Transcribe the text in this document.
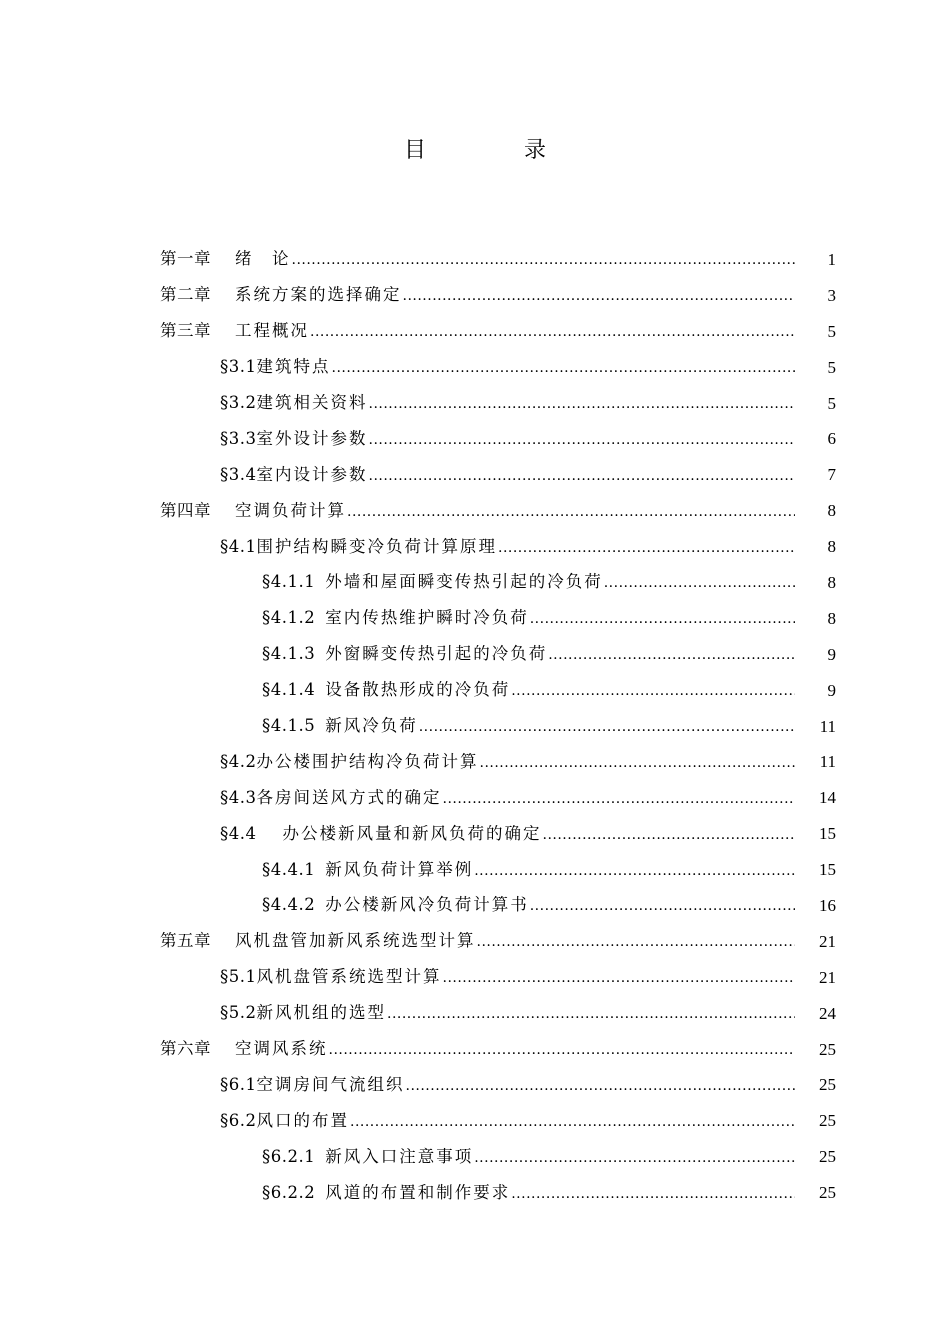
目　录
第一章 绪　论 .....	1
第二章 系统方案的选择确定 .....	3
第三章 工程概况 .....	5
§3.1 建筑特点 .....	5
§3.2 建筑相关资料 .....	5
§3.3 室外设计参数 .....	6
§3.4 室内设计参数 .....	7
第四章 空调负荷计算 .....	8
§4.1 围护结构瞬变冷负荷计算原理 .....	8
§4.1.1 外墙和屋面瞬变传热引起的冷负荷 .....	8
§4.1.2 室内传热维护瞬时冷负荷 .....	8
§4.1.3 外窗瞬变传热引起的冷负荷 .....	9
§4.1.4 设备散热形成的冷负荷 .....	9
§4.1.5 新风冷负荷 .....	11
§4.2 办公楼围护结构冷负荷计算 .....	11
§4.3 各房间送风方式的确定 .....	14
§4.4 办公楼新风量和新风负荷的确定 .....	15
§4.4.1 新风负荷计算举例 .....	15
§4.4.2 办公楼新风冷负荷计算书 .....	16
第五章 风机盘管加新风系统选型计算 .....	21
§5.1 风机盘管系统选型计算 .....	21
§5.2 新风机组的选型 .....	24
第六章 空调风系统 .....	25
§6.1 空调房间气流组织 .....	25
§6.2 风口的布置 .....	25
§6.2.1 新风入口注意事项 .....	25
§6.2.2 风道的布置和制作要求 .....	25
